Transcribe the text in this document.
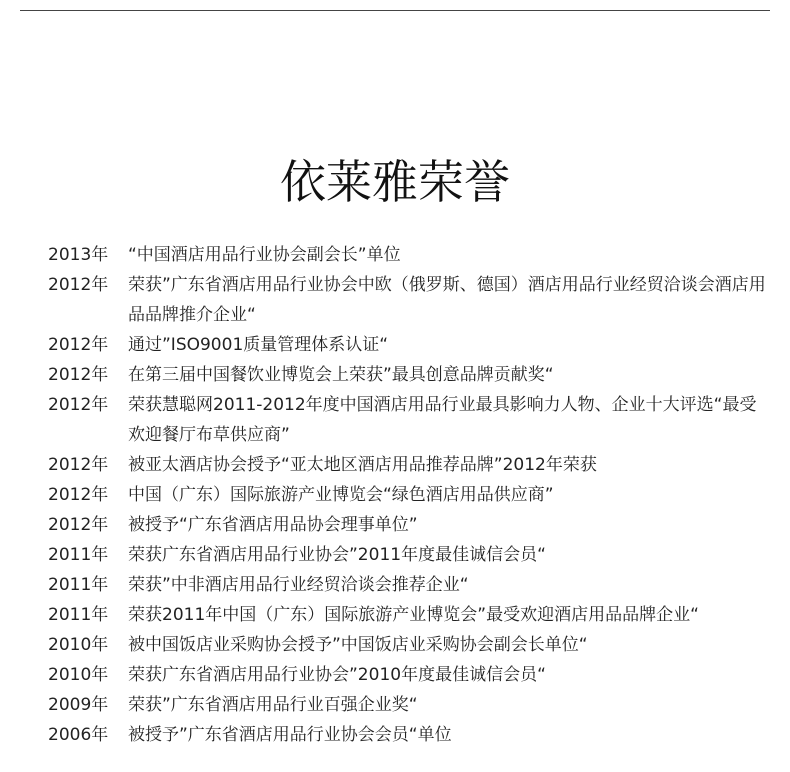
依莱雅荣誉
2013年	“中国酒店用品行业协会副会长”单位
2012年	荣获”广东省酒店用品行业协会中欧（俄罗斯、德国）酒店用品行业经贸洽谈会酒店用品品牌推介企业“
2012年	通过”ISO9001质量管理体系认证“
2012年	在第三届中国餐饮业博览会上荣获”最具创意品牌贡献奖“
2012年	荣获慧聪网2011-2012年度中国酒店用品行业最具影响力人物、企业十大评选“最受欢迎餐厅布草供应商”
2012年	被亚太酒店协会授予“亚太地区酒店用品推荐品牌”2012年荣获
2012年	中国（广东）国际旅游产业博览会“绿色酒店用品供应商”
2012年	被授予“广东省酒店用品协会理事单位”
2011年	荣获广东省酒店用品行业协会”2011年度最佳诚信会员“
2011年	荣获”中非酒店用品行业经贸洽谈会推荐企业“
2011年	荣获2011年中国（广东）国际旅游产业博览会”最受欢迎酒店用品品牌企业“
2010年	被中国饭店业采购协会授予”中国饭店业采购协会副会长单位“
2010年	荣获广东省酒店用品行业协会”2010年度最佳诚信会员“
2009年	荣获”广东省酒店用品行业百强企业奖“
2006年	被授予”广东省酒店用品行业协会会员“单位
